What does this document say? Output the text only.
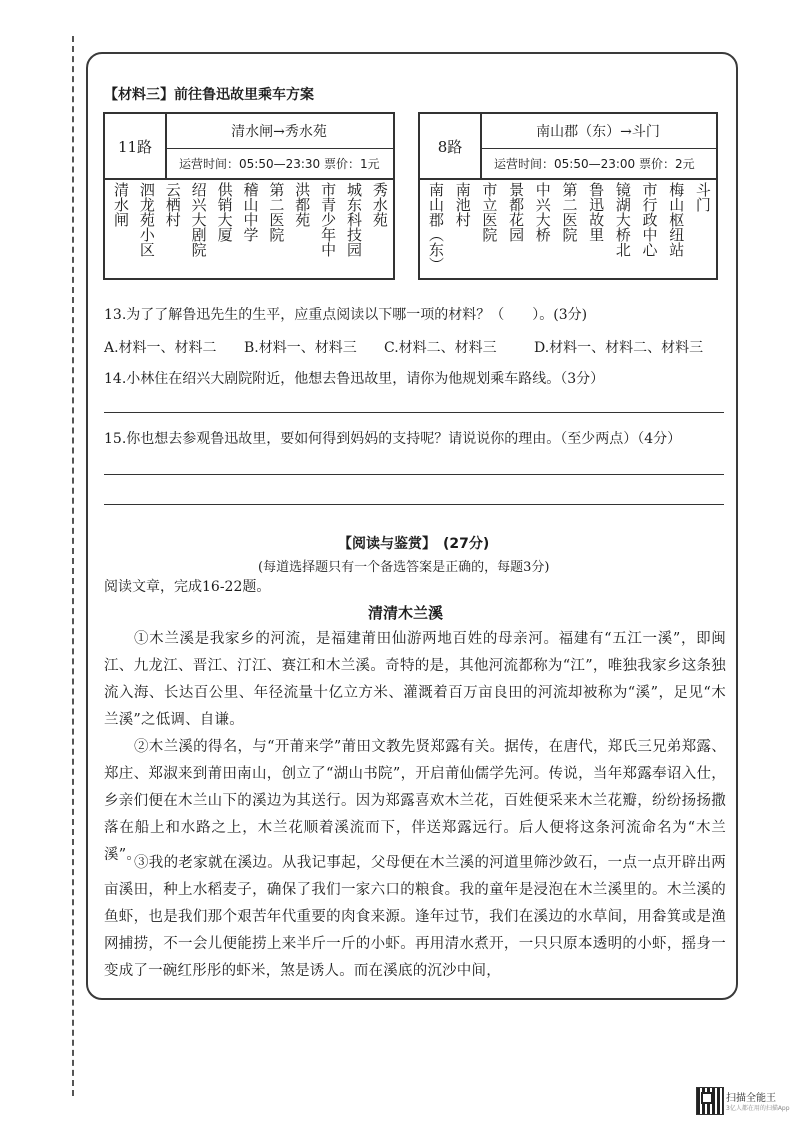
【材料三】前往鲁迅故里乘车方案
11路
清水闸→秀水苑
运营时间：05:50—23:30 票价：1元
清水闸 泗龙苑小区 云栖村 绍兴大剧院 供销大厦 稽山中学 第二医院 洪都苑 市青少年中 城东科技园 秀水苑
8路
南山郡（东）→斗门
运营时间：05:50—23:00 票价：2元
南山郡（东） 南池村 市立医院 景都花园 中兴大桥 第二医院 鲁迅故里 镜湖大桥北 市行政中心 梅山枢纽站 斗门
13.为了了解鲁迅先生的生平，应重点阅读以下哪一项的材料？（　　）。(3分)
A.材料一、材料二 B.材料一、材料三 C.材料二、材料三	D.材料一、材料二、材料三
14.小林住在绍兴大剧院附近，他想去鲁迅故里，请你为他规划乘车路线。（3分）
15.你也想去参观鲁迅故里，要如何得到妈妈的支持呢？请说说你的理由。（至少两点）（4分）
【阅读与鉴赏】　(27分)
(每道选择题只有一个备选答案是正确的，每题3分)
阅读文章，完成16-22题。
清清木兰溪
①木兰溪是我家乡的河流，是福建莆田仙游两地百姓的母亲河。福建有“五江一溪”，即闽江、九龙江、晋江、汀江、赛江和木兰溪。奇特的是，其他河流都称为“江”，唯独我家乡这条独流入海、长达百公里、年径流量十亿立方米、灌溉着百万亩良田的河流却被称为“溪”，足见“木兰溪”之低调、自谦。
②木兰溪的得名，与“开莆来学”莆田文教先贤郑露有关。据传，在唐代，郑氏三兄弟郑露、郑庄、郑淑来到莆田南山，创立了“湖山书院”，开启莆仙儒学先河。传说，当年郑露奉诏入仕，乡亲们便在木兰山下的溪边为其送行。因为郑露喜欢木兰花，百姓便采来木兰花瓣，纷纷扬扬撒落在船上和水路之上，木兰花顺着溪流而下，伴送郑露远行。后人便将这条河流命名为“木兰溪”。
③我的老家就在溪边。从我记事起，父母便在木兰溪的河道里筛沙敛石，一点一点开辟出两亩溪田，种上水稻麦子，确保了我们一家六口的粮食。我的童年是浸泡在木兰溪里的。木兰溪的鱼虾，也是我们那个艰苦年代重要的肉食来源。逢年过节，我们在溪边的水草间，用畚箕或是渔网捕捞，不一会儿便能捞上来半斤一斤的小虾。再用清水煮开，一只只原本透明的小虾，摇身一变成了一碗红彤彤的虾米，煞是诱人。而在溪底的沉沙中间，
扫描全能王
3亿人都在用的扫描App
